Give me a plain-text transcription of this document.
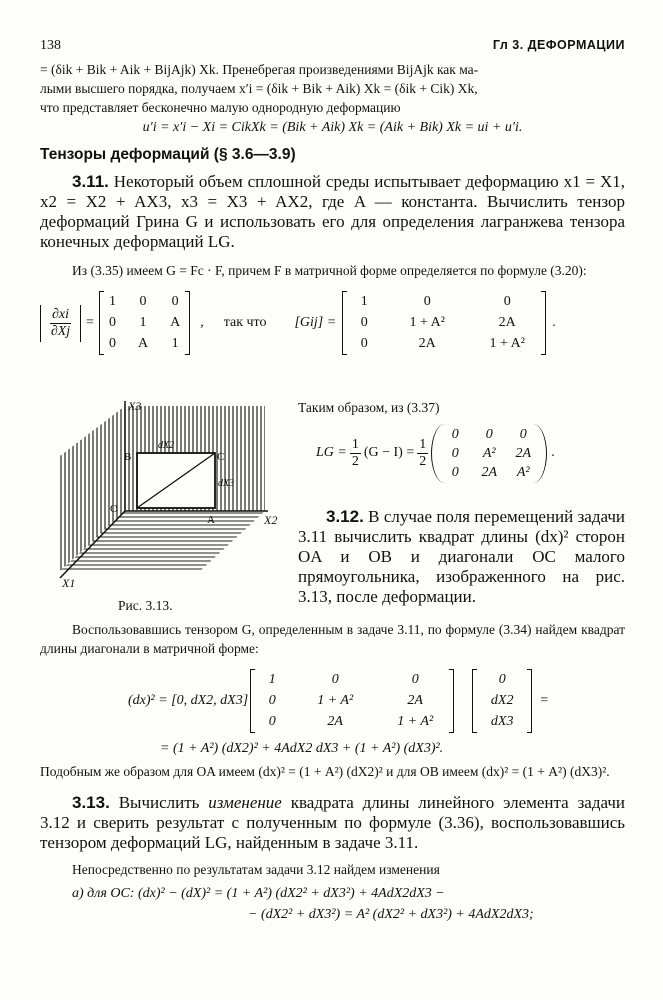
138	Гл 3. ДЕФОРМАЦИИ
= (δik + Bik + Aik + BijAjk) Xk. Пренебрегая произведениями BijAjk как ма-
лыми высшего порядка, получаем x′i = (δik + Bik + Aik) Xk = (δik + Cik) Xk,
что представляет бесконечно малую однородную деформацию
u′i = x′i − Xi = CikXk = (Bik + Aik) Xk = (Aik + Bik) Xk = ui + u′i.
Тензоры деформаций (§ 3.6—3.9)
3.11. Некоторый объем сплошной среды испытывает деформацию x1 = X1, x2 = X2 + AX3, x3 = X3 + AX2, где A — константа. Вычислить тензор деформаций Грина G и использовать его для определения лагранжева тензора конечных деформаций LG.
Из (3.35) имеем G = Fc · F, причем F в матричной форме определяется по формуле (3.20):
$\frac{\partial xi}{\partial Xj}$ =
1 0 0
0 1 A
0 A 1
, так что [Gij] =
1	0	0
0	1 + A²	2A
0	2A	1 + A²
.
X3
X2
X1
O
A
B	C
dX2
dX3
Рис. 3.13.
Таким образом, из (3.37)
LG = $\frac{1}{2} (G - I) = \frac{1}{2}$
0	0	0
0	A²	2A
0	2A	A²
.
3.12. В случае поля перемещений задачи 3.11 вычислить квадрат длины (dx)² сторон OA и OB и диагонали OC малого прямоугольника, изображенного на рис. 3.13, после деформации.
Воспользовавшись тензором G, определенным в задаче 3.11, по формуле (3.34) найдем квадрат длины диагонали в матричной форме:
(dx)² = [0, dX2, dX3]
1	0	0
0	1 + A²	2A
0	2A	1 + A²
0
dX2
dX3
=
= (1 + A²) (dX2)² + 4AdX2 dX3 + (1 + A²) (dX3)².
Подобным же образом для OA имеем (dx)² = (1 + A²) (dX2)² и для OB имеем (dx)² = (1 + A²) (dX3)².
3.13. Вычислить изменение квадрата длины линейного элемента задачи 3.12 и сверить результат с полученным по формуле (3.36), воспользовавшись тензором деформаций LG, найденным в задаче 3.11.
Непосредственно по результатам задачи 3.12 найдем изменения
а) для OC: (dx)² − (dX)² = (1 + A²) (dX2² + dX3²) + 4AdX2dX3 −
− (dX2² + dX3²) = A² (dX2² + dX3²) + 4AdX2dX3;
